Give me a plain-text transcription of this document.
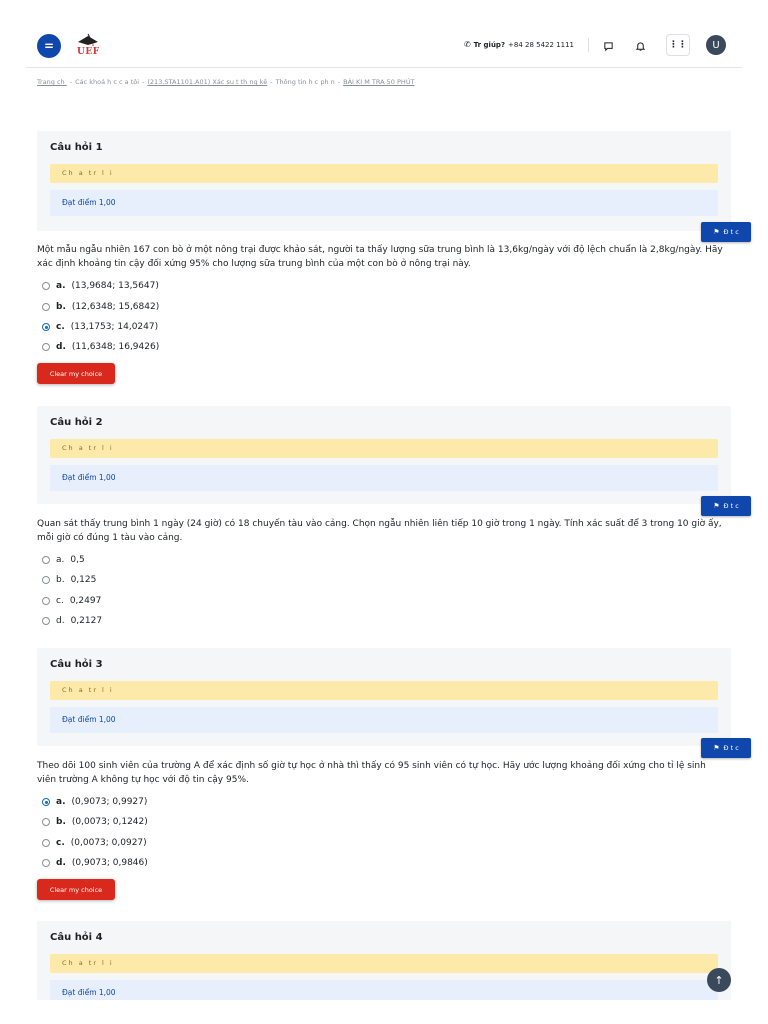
=	UEF
✆ Tr giúp? +84 28 5422 1111	⋮⋮	U
Trang ch - Các khoá h c c a tôi - (213.STA1101.A01) Xác su t th ng kê - Thông tin h c ph n - BÀI KI M TRA 50 PHÚT
Câu hỏi 1
Ch a tr l i
Đạt điểm 1,00
⚑ Đ t c
Một mẫu ngẫu nhiên 167 con bò ở một nông trại được khảo sát, người ta thấy lượng sữa trung bình là 13,6kg/ngày với độ lệch chuẩn là 2,8kg/ngày. Hãy xác định khoảng tin cậy đối xứng 95% cho lượng sữa trung bình của một con bò ở nông trại này.
a. (13,9684; 13,5647)
b. (12,6348; 15,6842)
c. (13,1753; 14,0247)
d. (11,6348; 16,9426)
Clear my choice
Câu hỏi 2
Ch a tr l i
Đạt điểm 1,00
⚑ Đ t c
Quan sát thấy trung bình 1 ngày (24 giờ) có 18 chuyến tàu vào cảng. Chọn ngẫu nhiên liên tiếp 10 giờ trong 1 ngày. Tính xác suất để 3 trong 10 giờ ấy, mỗi giờ có đúng 1 tàu vào cảng.
a. 0,5
b. 0,125
c. 0,2497
d. 0,2127
Câu hỏi 3
Ch a tr l i
Đạt điểm 1,00
⚑ Đ t c
Theo dõi 100 sinh viên của trường A để xác định số giờ tự học ở nhà thì thấy có 95 sinh viên có tự học. Hãy ước lượng khoảng đối xứng cho tỉ lệ sinh viên trường A không tự học với độ tin cậy 95%.
a. (0,9073; 0,9927)
b. (0,0073; 0,1242)
c. (0,0073; 0,0927)
d. (0,9073; 0,9846)
Clear my choice
Câu hỏi 4
Ch a tr l i
Đạt điểm 1,00
↑
